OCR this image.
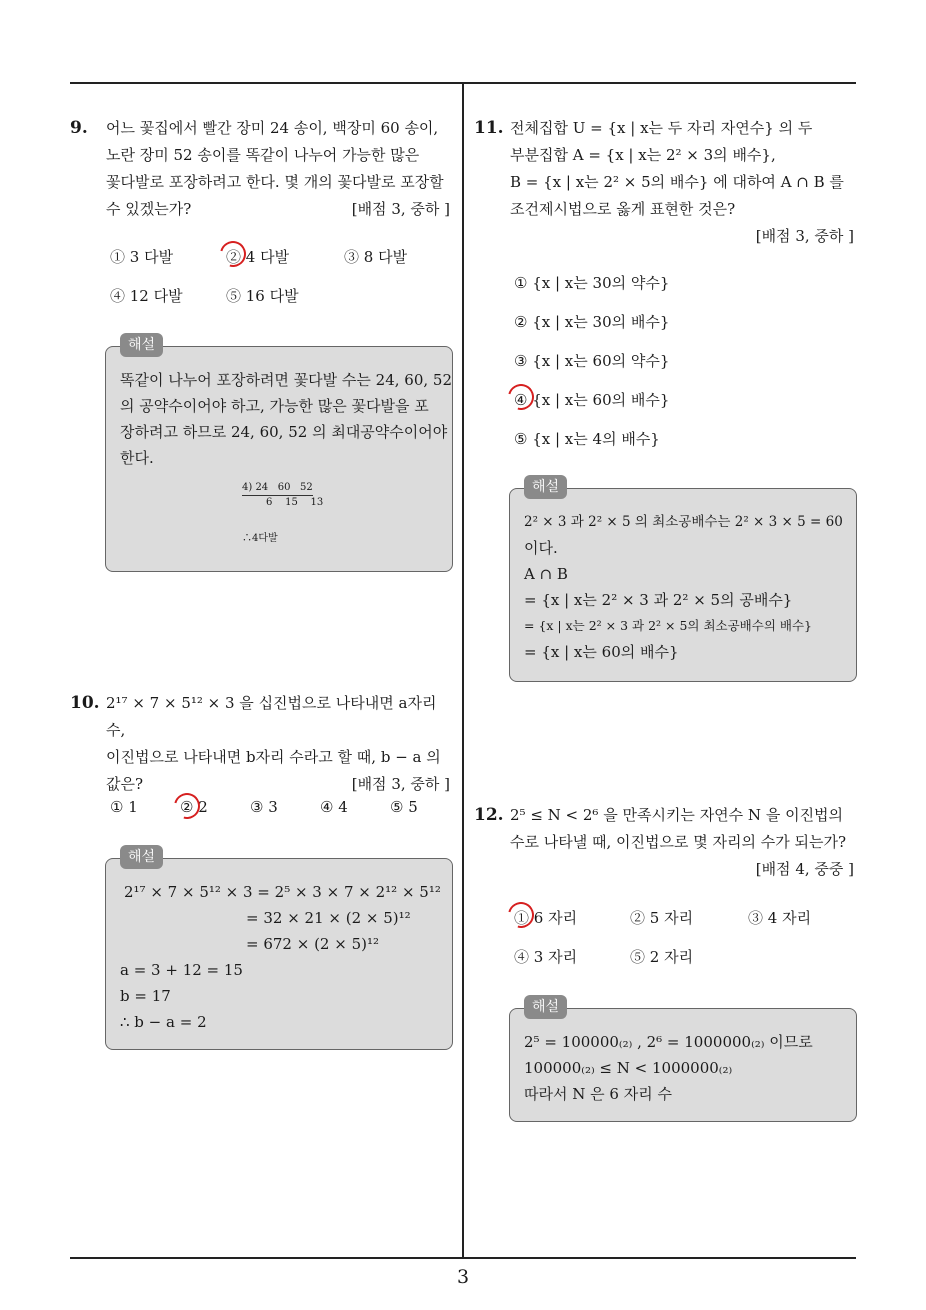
9. 어느 꽃집에서 빨간 장미 24 송이, 백장미 60 송이,
노란 장미 52 송이를 똑같이 나누어 가능한 많은
꽃다발로 포장하려고 한다. 몇 개의 꽃다발로 포장할
수 있겠는가?	[배점 3, 중하 ]
① 3 다발	② 4 다발	③ 8 다발
④ 12 다발	⑤ 16 다발
해설
똑같이 나누어 포장하려면 꽃다발 수는 24, 60, 52
의 공약수이어야 하고, 가능한 많은 꽃다발을 포
장하려고 하므로 24, 60, 52 의 최대공약수이어야
한다.
4) 24   60   52
6    15    13
∴4다발
10. 2¹⁷ × 7 × 5¹² × 3 을 십진법으로 나타내면 a자리 수,
이진법으로 나타내면 b자리 수라고 할 때, b − a 의
값은?	[배점 3, 중하 ]
① 1	② 2	③ 3	④ 4	⑤ 5
해설
2¹⁷ × 7 × 5¹² × 3 = 2⁵ × 3 × 7 × 2¹² × 5¹²
= 32 × 21 × (2 × 5)¹²
= 672 × (2 × 5)¹²
a = 3 + 12 = 15
b = 17
∴ b − a = 2
11. 전체집합 U = {x | x는 두 자리 자연수} 의 두
부분집합 A = {x | x는 2² × 3의 배수},
B = {x | x는 2² × 5의 배수} 에 대하여 A ∩ B 를
조건제시법으로 옳게 표현한 것은?
[배점 3, 중하 ]
① {x | x는 30의 약수}
② {x | x는 30의 배수}
③ {x | x는 60의 약수}
④ {x | x는 60의 배수}
⑤ {x | x는 4의 배수}
해설
2² × 3 과 2² × 5 의 최소공배수는 2² × 3 × 5 = 60
이다.
A ∩ B
= {x | x는 2² × 3 과 2² × 5의 공배수}
= {x | x는 2² × 3 과 2² × 5의 최소공배수의 배수}
= {x | x는 60의 배수}
12. 2⁵ ≤ N < 2⁶ 을 만족시키는 자연수 N 을 이진법의
수로 나타낼 때, 이진법으로 몇 자리의 수가 되는가?
[배점 4, 중중 ]
① 6 자리	② 5 자리	③ 4 자리
④ 3 자리	⑤ 2 자리
해설
2⁵ = 100000₍₂₎ , 2⁶ = 1000000₍₂₎ 이므로
100000₍₂₎ ≤ N < 1000000₍₂₎
따라서 N 은 6 자리 수
3
